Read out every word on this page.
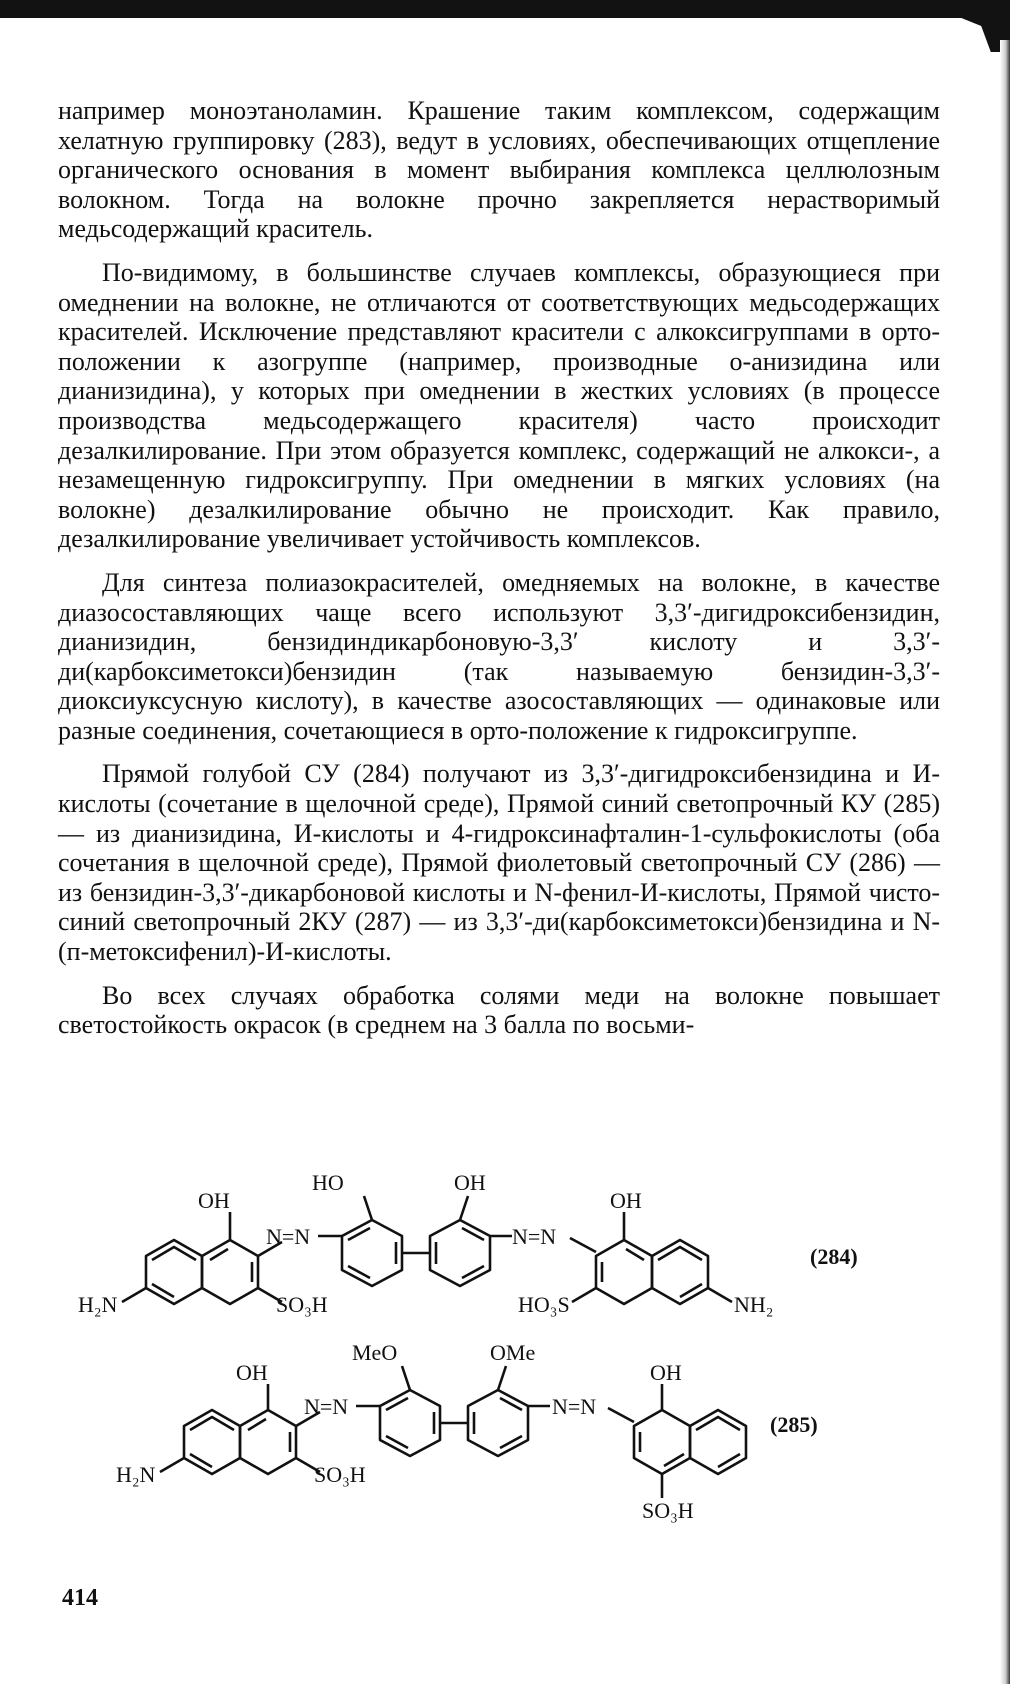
например моноэтаноламин. Крашение таким комплексом, содержащим хелатную группировку (283), ведут в условиях, обеспечивающих отщепление органического основания в момент выбирания комплекса целлюлозным волокном. Тогда на волокне прочно закрепляется нерастворимый медьсодержащий краситель.

По-видимому, в большинстве случаев комплексы, образующиеся при омеднении на волокне, не отличаются от соответствующих медьсодержащих красителей. Исключение представляют красители с алкоксигруппами в орто-положении к азогруппе (например, производные о-анизидина или дианизидина), у которых при омеднении в жестких условиях (в процессе производства медьсодержащего красителя) часто происходит дезалкилирование. При этом образуется комплекс, содержащий не алкокси-, а незамещенную гидроксигруппу. При омеднении в мягких условиях (на волокне) дезалкилирование обычно не происходит. Как правило, дезалкилирование увеличивает устойчивость комплексов.

Для синтеза полиазокрасителей, омедняемых на волокне, в качестве диазосоставляющих чаще всего используют 3,3′-дигидроксибензидин, дианизидин, бензидиндикарбоновую-3,3′ кислоту и 3,3′-ди(карбоксиметокси)бензидин (так называемую бензидин-3,3′-диоксиуксусную кислоту), в качестве азосоставляющих — одинаковые или разные соединения, сочетающиеся в орто-положение к гидроксигруппе.

Прямой голубой СУ (284) получают из 3,3′-дигидроксибензидина и И-кислоты (сочетание в щелочной среде), Прямой синий светопрочный КУ (285) — из дианизидина, И-кислоты и 4-гидроксинафталин-1-сульфокислоты (оба сочетания в щелочной среде), Прямой фиолетовый светопрочный СУ (286) — из бензидин-3,3′-дикарбоновой кислоты и N-фенил-И-кислоты, Прямой чисто-синий светопрочный 2КУ (287) — из 3,3′-ди(карбоксиметокси)бензидина и N-(п-метоксифенил)-И-кислоты.

Во всех случаях обработка солями меди на волокне повышает светостойкость окрасок (в среднем на 3 балла по восьми-

HO	OH
OH	OH
N=N	N=N
H₂N	SO₃H	HO₃S	NH₂
(284)
MeO	OMe
OH	OH
N=N	N=N
H₂N	SO₃H
SO₃H
(285)
414
